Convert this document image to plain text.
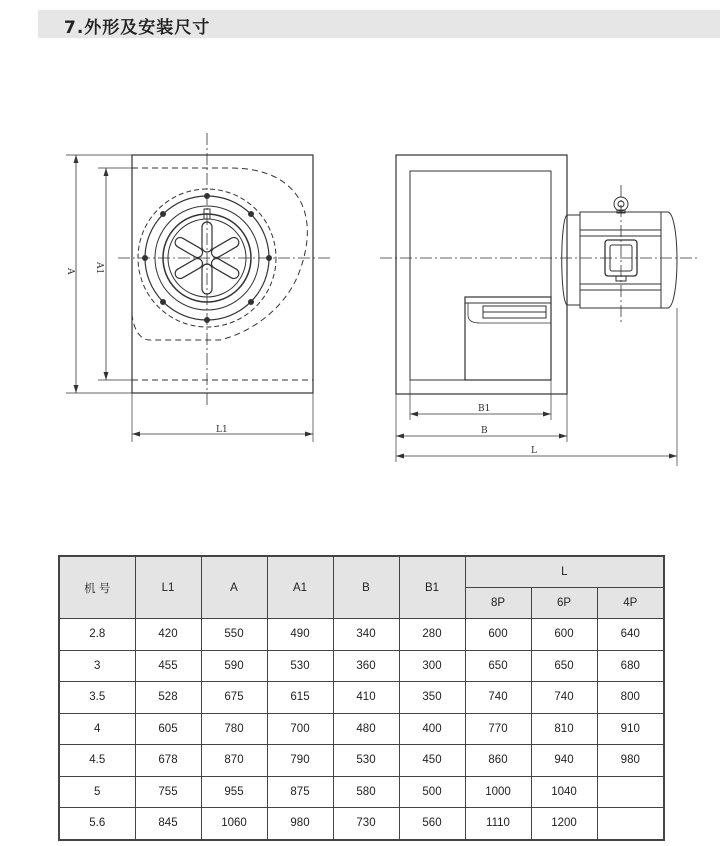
7.外形及安装尺寸
A A1
L1
B1
B
L
机 号	L1	A	A1	B	B1	L		
						8P	6P	4P
2.8	420	550	490	340	280	600	600	640
3	455	590	530	360	300	650	650	680
3.5	528	675	615	410	350	740	740	800
4	605	780	700	480	400	770	810	910
4.5	678	870	790	530	450	860	940	980
5	755	955	875	580	500	1000	1040	
5.6	845	1060	980	730	560	1110	1200	
